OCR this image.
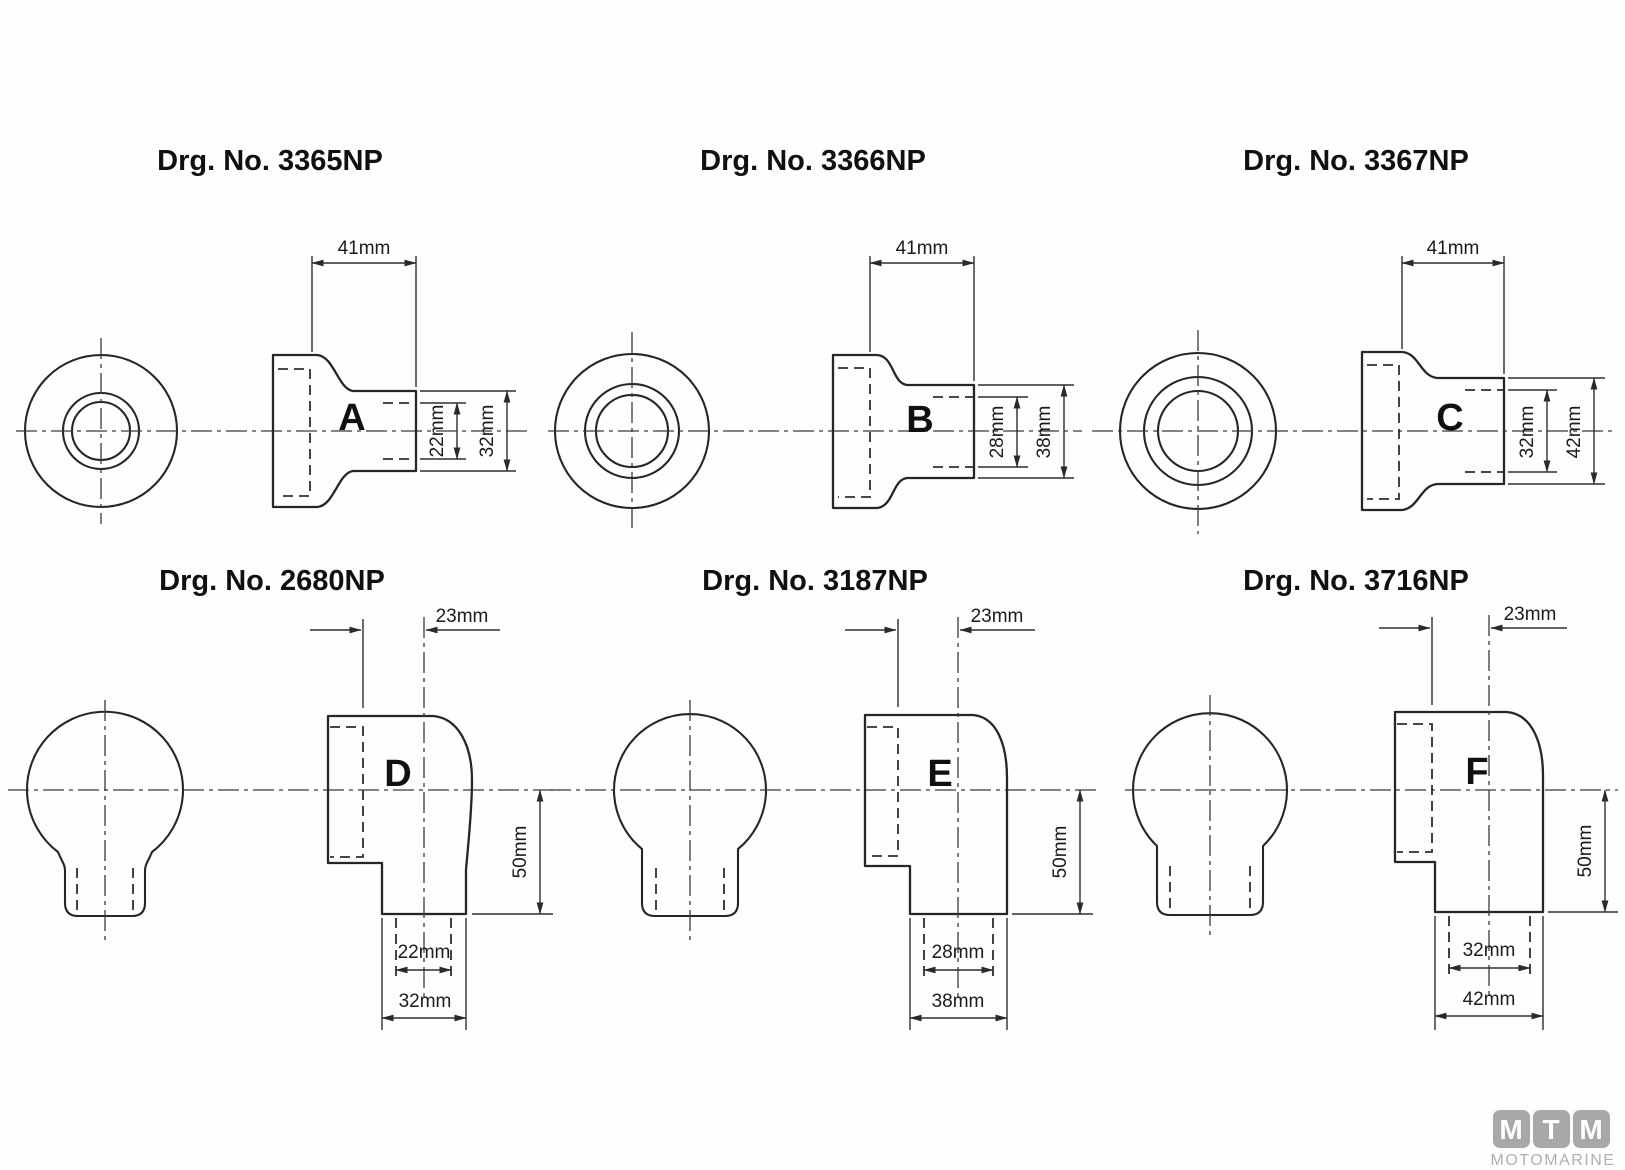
Drg. No. 3365NP
A
41mm
22mm 32mm
Drg. No. 3366NP
B
41mm
28mm 38mm
Drg. No. 3367NP
C
41mm
32mm 42mm
Drg. No. 2680NP
D
23mm
50mm
22mm
32mm
Drg. No. 3187NP
E
23mm
50mm
28mm
38mm
Drg. No. 3716NP
F
23mm
50mm
32mm
42mm
M T M
MOTOMARINE
